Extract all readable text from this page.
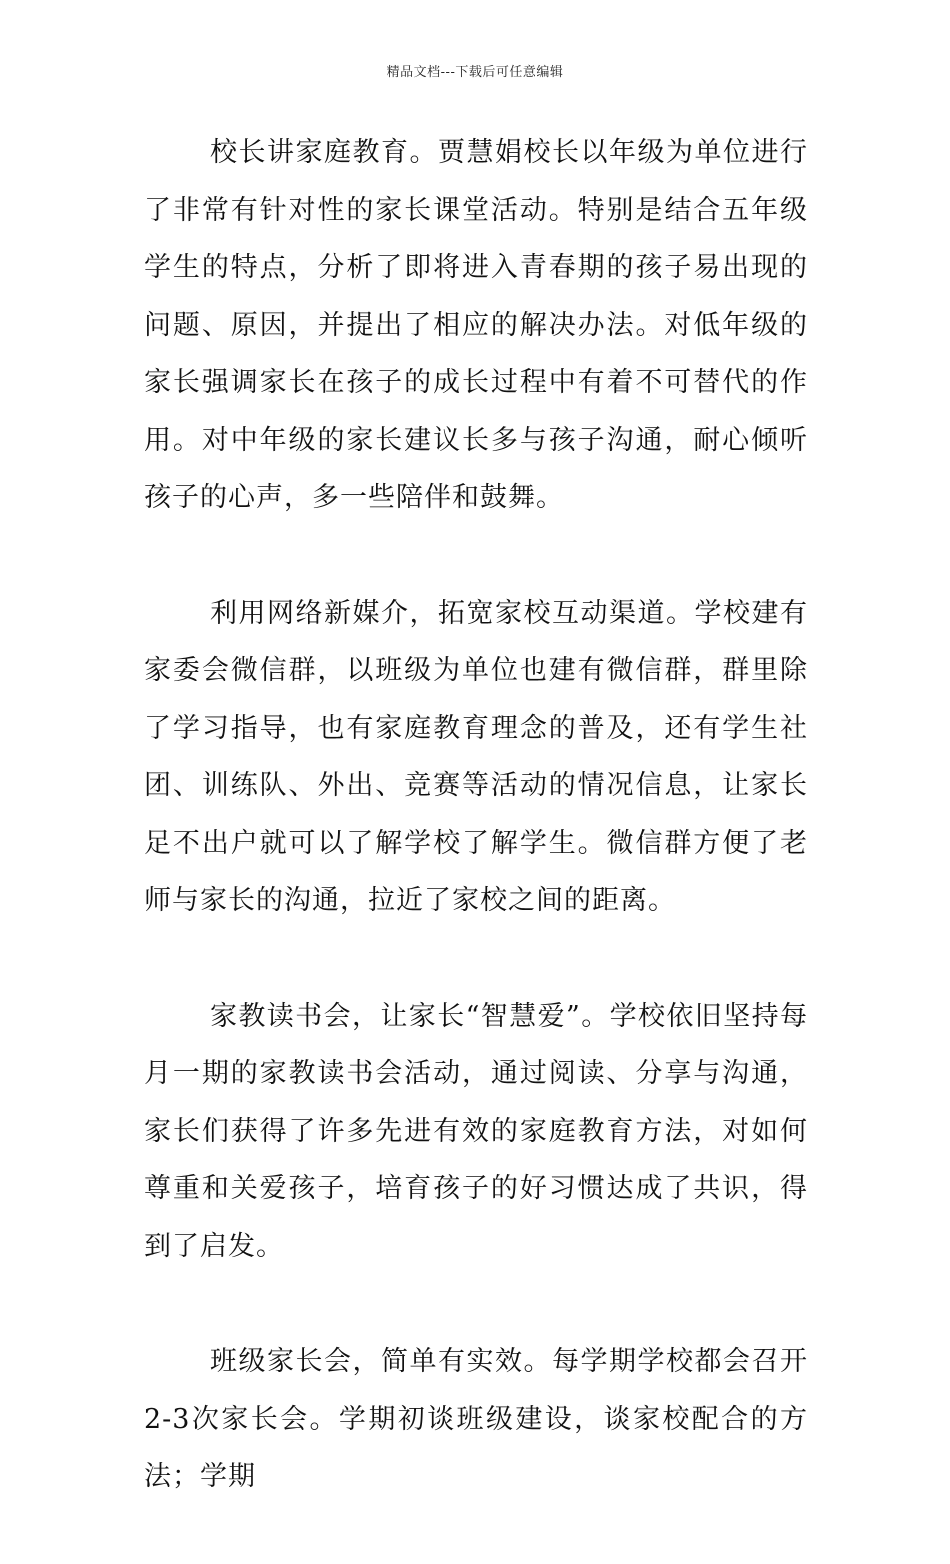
精品文档---下载后可任意编辑

校长讲家庭教育。贾慧娟校长以年级为单位进行了非常有针对性的家长课堂活动。特别是结合五年级学生的特点，分析了即将进入青春期的孩子易出现的问题、原因，并提出了相应的解决办法。对低年级的家长强调家长在孩子的成长过程中有着不可替代的作用。对中年级的家长建议长多与孩子沟通，耐心倾听孩子的心声，多一些陪伴和鼓舞。

利用网络新媒介，拓宽家校互动渠道。学校建有家委会微信群，以班级为单位也建有微信群，群里除了学习指导，也有家庭教育理念的普及，还有学生社团、训练队、外出、竞赛等活动的情况信息，让家长足不出户就可以了解学校了解学生。微信群方便了老师与家长的沟通，拉近了家校之间的距离。

家教读书会，让家长“智慧爱”。学校依旧坚持每月一期的家教读书会活动，通过阅读、分享与沟通，家长们获得了许多先进有效的家庭教育方法，对如何尊重和关爱孩子，培育孩子的好习惯达成了共识，得到了启发。

班级家长会，简单有实效。每学期学校都会召开2-3次家长会。学期初谈班级建设，谈家校配合的方法；学期
